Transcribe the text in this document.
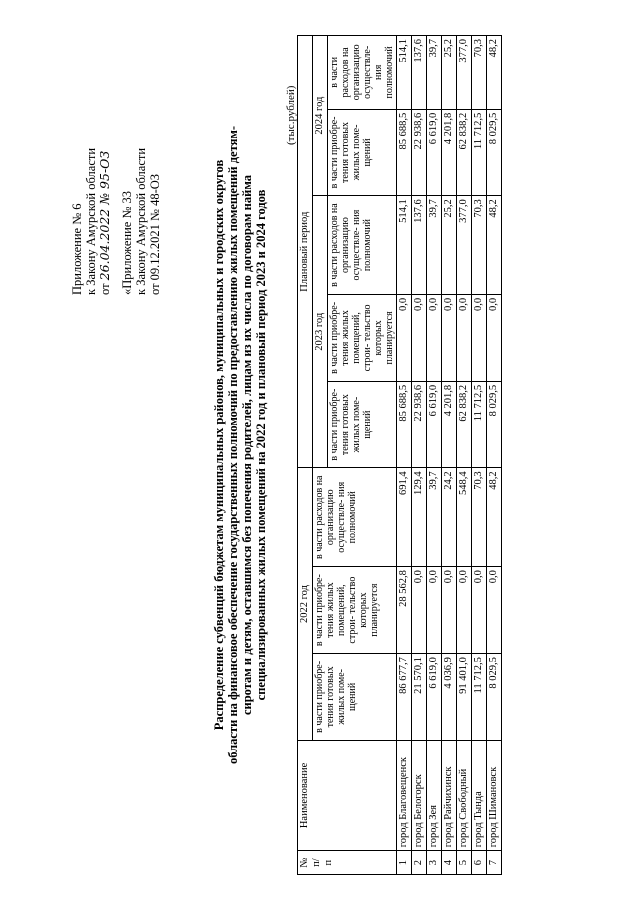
Приложение № 6 к Закону Амурской области от 26.04.2022 № 95-ОЗ «Приложение № 33 к Закону Амурской области от 09.12.2021 № 48-ОЗ	Распределение субвенций бюджетам муниципальных районов, муниципальных и городских округов области на финансовое обеспечение государственных полномочий по предоставлению жилых помещений детям- сиротам и детям, оставшимся без попечения родителей, лицам из их числа по договорам найма специализированных жилых помещений на 2022 год и плановый период 2023 и 2024 годов
(тыс.рублей)
№ п/ п	Наименование	2022 год			Плановый период				
		в части приобре- тения готовых жилых поме- щений	в части приобре- тения жилых помещений, строи- тельство которых планируется	в части расходов на организацию осуществле- ния полномочий	2023 год			2024 год	
					в части приобре- тения готовых жилых поме- щений	в части приобре- тения жилых помещений, строи- тельство которых планируется	в части расходов на организацию осуществле- ния полномочий	в части приобре- тения готовых жилых поме- щений	в части расходов на организацию осуществле- ния полномочий
1	город Благовещенск	86 677,7	28 562,8	691,4	85 688,5	0,0	514,1	85 688,5	514,1
2	город Белогорск	21 570,1	0,0	129,4	22 938,6	0,0	137,6	22 938,6	137,6
3	город Зея	6 619,0	0,0	39,7	6 619,0	0,0	39,7	6 619,0	39,7
4	город Райчихинск	4 036,9	0,0	24,2	4 201,8	0,0	25,2	4 201,8	25,2
5	город Свободный	91 401,0	0,0	548,4	62 838,2	0,0	377,0	62 838,2	377,0
6	город Тында	11 712,5	0,0	70,3	11 712,5	0,0	70,3	11 712,5	70,3
7	город Шимановск	8 029,5	0,0	48,2	8 029,5	0,0	48,2	8 029,5	48,2
